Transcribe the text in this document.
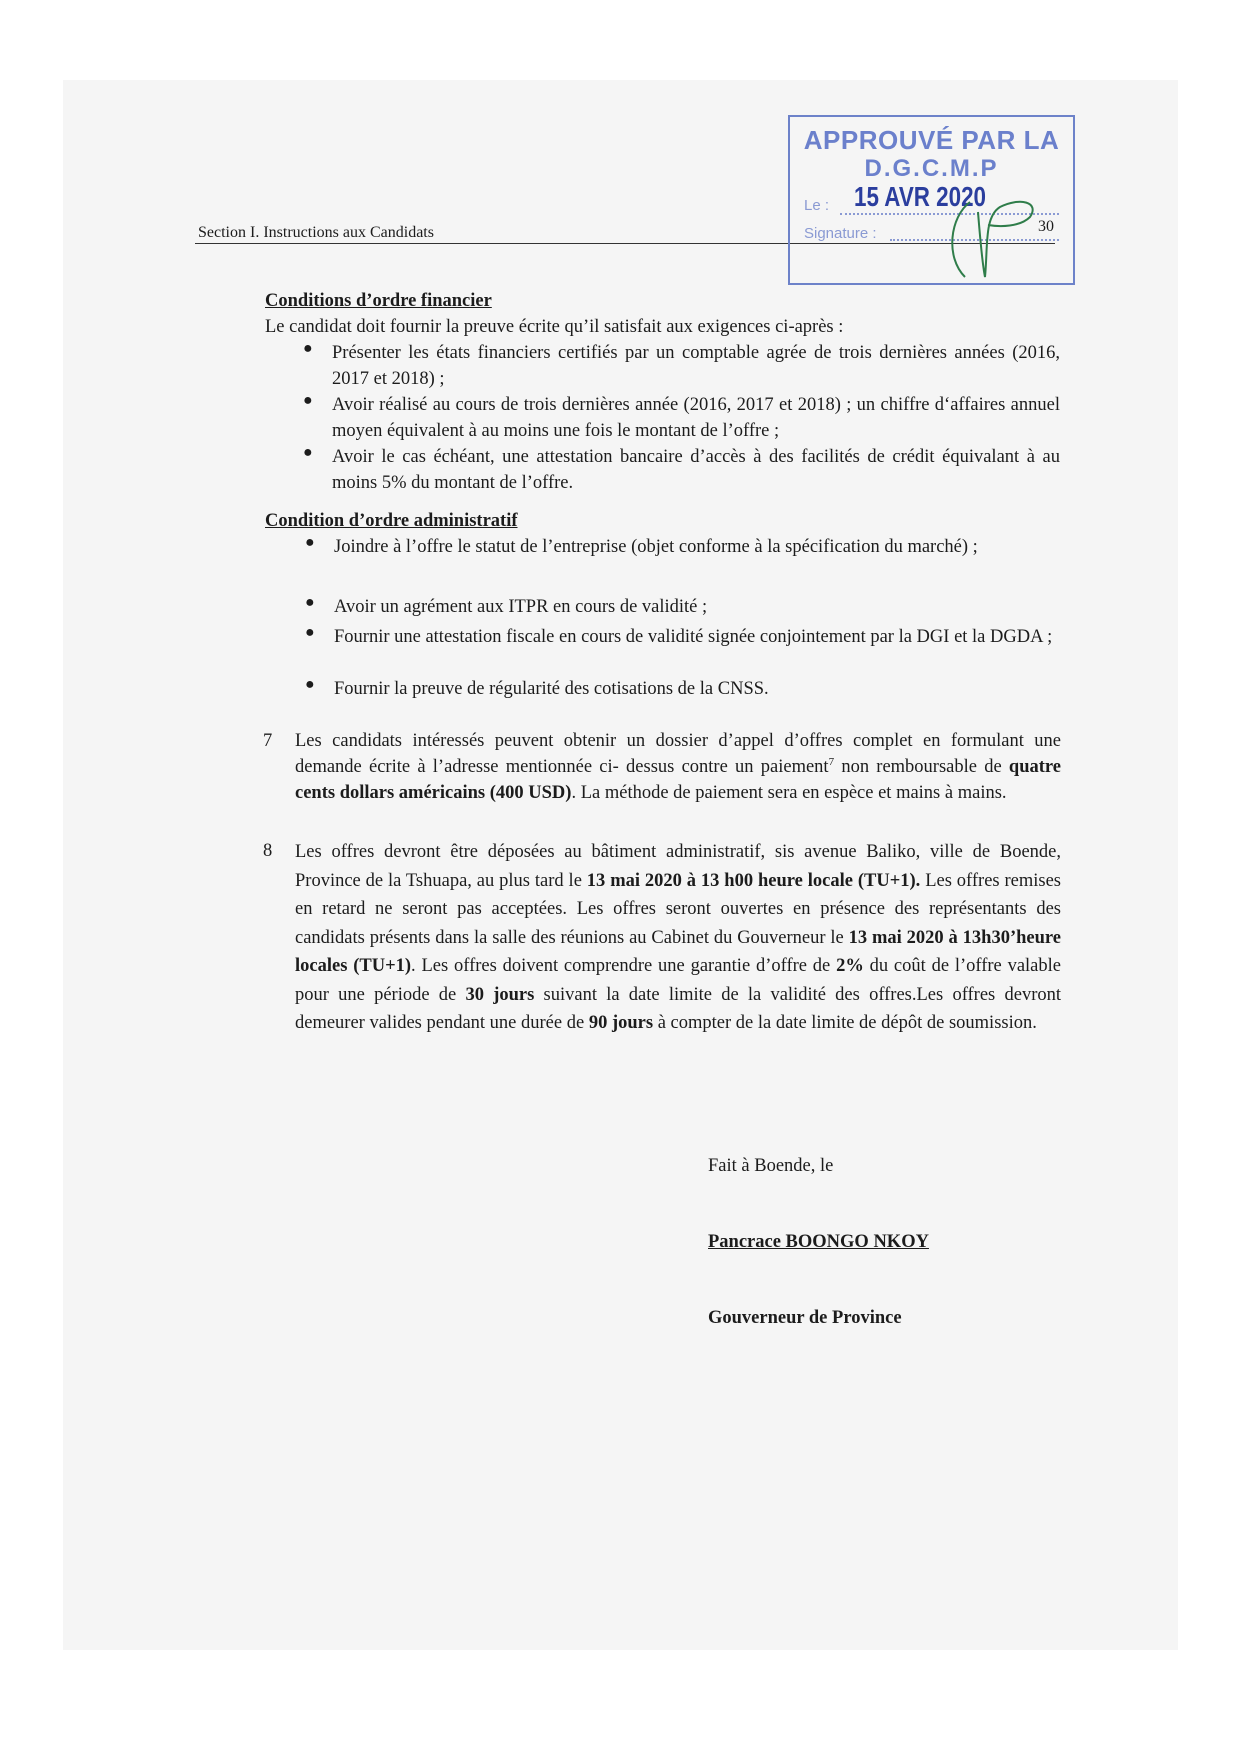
Section I. Instructions aux Candidats	30
APPROUVÉ PAR LA
D.G.C.M.P
Le : 15 AVR 2020
Signature :
Conditions d’ordre financier
Le candidat doit fournir la preuve écrite qu’il satisfait aux exigences ci-après :
● Présenter les états financiers certifiés par un comptable agrée de trois dernières années (2016, 2017 et 2018) ;
● Avoir réalisé au cours de trois dernières année (2016, 2017 et 2018) ; un chiffre d‘affaires annuel moyen équivalent à au moins une fois le montant de l’offre ;
● Avoir le cas échéant, une attestation bancaire d’accès à des facilités de crédit équivalant à au moins 5% du montant de l’offre.
Condition d’ordre administratif
● Joindre à l’offre le statut de l’entreprise (objet conforme à la spécification du marché) ;
● Avoir un agrément aux ITPR en cours de validité ;
● Fournir une attestation fiscale en cours de validité signée conjointement par la DGI et la DGDA ;
● Fournir la preuve de régularité des cotisations de la CNSS.
7 Les candidats intéressés peuvent obtenir un dossier d’appel d’offres complet en formulant une demande écrite à l’adresse mentionnée ci- dessus contre un paiement$^7$ non remboursable de quatre cents dollars américains (400 USD). La méthode de paiement sera en espèce et mains à mains.
8 Les offres devront être déposées au bâtiment administratif, sis avenue Baliko, ville de Boende, Province de la Tshuapa, au plus tard le 13 mai 2020 à 13 h00 heure locale (TU+1). Les offres remises en retard ne seront pas acceptées. Les offres seront ouvertes en présence des représentants des candidats présents dans la salle des réunions au Cabinet du Gouverneur le 13 mai 2020 à 13h30’heure locales (TU+1). Les offres doivent comprendre une garantie d’offre de 2% du coût de l’offre valable pour une période de 30 jours suivant la date limite de la validité des offres.Les offres devront demeurer valides pendant une durée de 90 jours à compter de la date limite de dépôt de soumission.
Fait à Boende, le
Pancrace BOONGO NKOY
Gouverneur de Province
